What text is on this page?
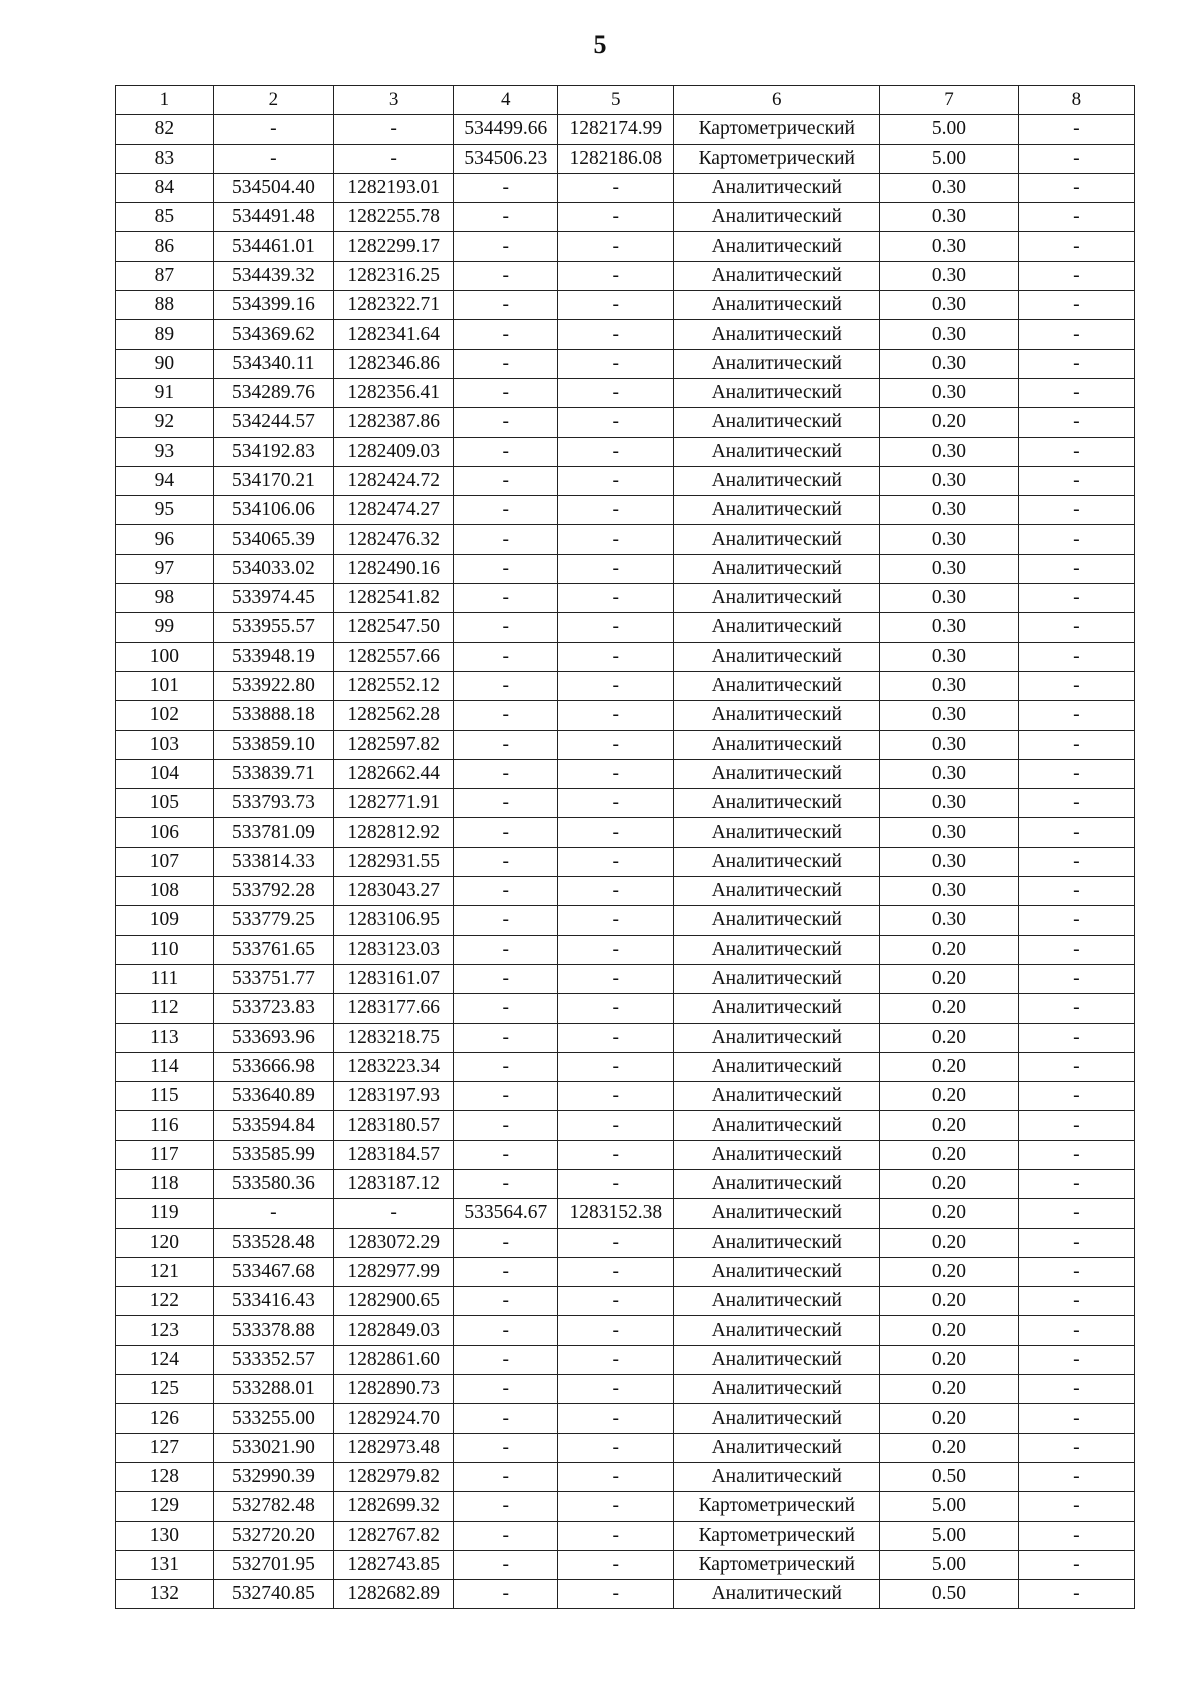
5
1	2	3	4	5	6	7	8
82	-	-	534499.66	1282174.99	Картометрический	5.00	-
83	-	-	534506.23	1282186.08	Картометрический	5.00	-
84	534504.40	1282193.01	-	-	Аналитический	0.30	-
85	534491.48	1282255.78	-	-	Аналитический	0.30	-
86	534461.01	1282299.17	-	-	Аналитический	0.30	-
87	534439.32	1282316.25	-	-	Аналитический	0.30	-
88	534399.16	1282322.71	-	-	Аналитический	0.30	-
89	534369.62	1282341.64	-	-	Аналитический	0.30	-
90	534340.11	1282346.86	-	-	Аналитический	0.30	-
91	534289.76	1282356.41	-	-	Аналитический	0.30	-
92	534244.57	1282387.86	-	-	Аналитический	0.20	-
93	534192.83	1282409.03	-	-	Аналитический	0.30	-
94	534170.21	1282424.72	-	-	Аналитический	0.30	-
95	534106.06	1282474.27	-	-	Аналитический	0.30	-
96	534065.39	1282476.32	-	-	Аналитический	0.30	-
97	534033.02	1282490.16	-	-	Аналитический	0.30	-
98	533974.45	1282541.82	-	-	Аналитический	0.30	-
99	533955.57	1282547.50	-	-	Аналитический	0.30	-
100	533948.19	1282557.66	-	-	Аналитический	0.30	-
101	533922.80	1282552.12	-	-	Аналитический	0.30	-
102	533888.18	1282562.28	-	-	Аналитический	0.30	-
103	533859.10	1282597.82	-	-	Аналитический	0.30	-
104	533839.71	1282662.44	-	-	Аналитический	0.30	-
105	533793.73	1282771.91	-	-	Аналитический	0.30	-
106	533781.09	1282812.92	-	-	Аналитический	0.30	-
107	533814.33	1282931.55	-	-	Аналитический	0.30	-
108	533792.28	1283043.27	-	-	Аналитический	0.30	-
109	533779.25	1283106.95	-	-	Аналитический	0.30	-
110	533761.65	1283123.03	-	-	Аналитический	0.20	-
111	533751.77	1283161.07	-	-	Аналитический	0.20	-
112	533723.83	1283177.66	-	-	Аналитический	0.20	-
113	533693.96	1283218.75	-	-	Аналитический	0.20	-
114	533666.98	1283223.34	-	-	Аналитический	0.20	-
115	533640.89	1283197.93	-	-	Аналитический	0.20	-
116	533594.84	1283180.57	-	-	Аналитический	0.20	-
117	533585.99	1283184.57	-	-	Аналитический	0.20	-
118	533580.36	1283187.12	-	-	Аналитический	0.20	-
119	-	-	533564.67	1283152.38	Аналитический	0.20	-
120	533528.48	1283072.29	-	-	Аналитический	0.20	-
121	533467.68	1282977.99	-	-	Аналитический	0.20	-
122	533416.43	1282900.65	-	-	Аналитический	0.20	-
123	533378.88	1282849.03	-	-	Аналитический	0.20	-
124	533352.57	1282861.60	-	-	Аналитический	0.20	-
125	533288.01	1282890.73	-	-	Аналитический	0.20	-
126	533255.00	1282924.70	-	-	Аналитический	0.20	-
127	533021.90	1282973.48	-	-	Аналитический	0.20	-
128	532990.39	1282979.82	-	-	Аналитический	0.50	-
129	532782.48	1282699.32	-	-	Картометрический	5.00	-
130	532720.20	1282767.82	-	-	Картометрический	5.00	-
131	532701.95	1282743.85	-	-	Картометрический	5.00	-
132	532740.85	1282682.89	-	-	Аналитический	0.50	-
